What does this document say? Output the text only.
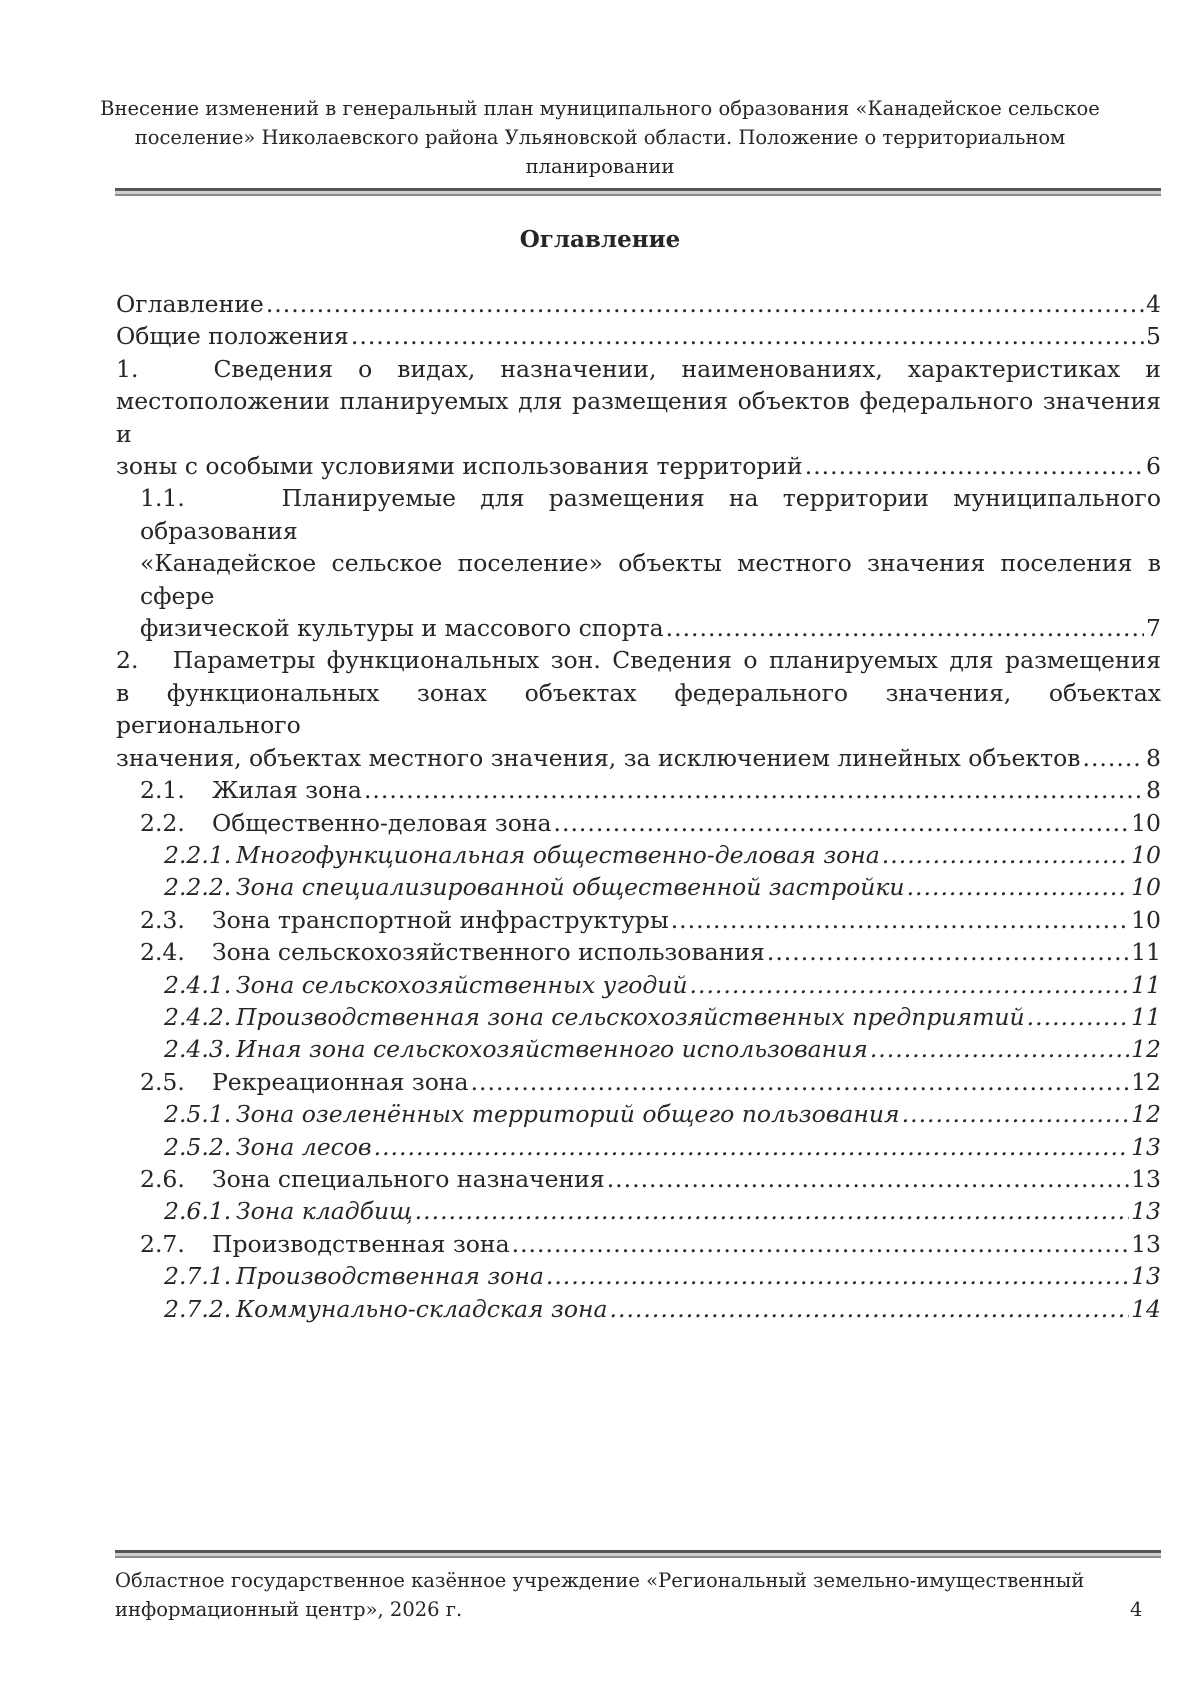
Внесение изменений в генеральный план муниципального образования «Канадейское сельское
поселение» Николаевского района Ульяновской области. Положение о территориальном
планировании
Оглавление
Оглавление .....	4
Общие положения .....	5
1.	Сведения о видах, назначении, наименованиях, характеристиках и
местоположении планируемых для размещения объектов федерального значения и
зоны с особыми условиями использования территорий .....	6
1.1.	Планируемые для размещения на территории муниципального образования
«Канадейское сельское поселение» объекты местного значения поселения в сфере
физической культуры и массового спорта .....	7
2. Параметры функциональных зон. Сведения о планируемых для размещения
в функциональных зонах объектах федерального значения, объектах регионального
значения, объектах местного значения, за исключением линейных объектов .....	8
2.1.	Жилая зона .....	8
2.2.	Общественно-деловая зона .....	10
2.2.1. Многофункциональная общественно-деловая зона .....	10
2.2.2. Зона специализированной общественной застройки .....	10
2.3.	Зона транспортной инфраструктуры .....	10
2.4.	Зона сельскохозяйственного использования .....	11
2.4.1. Зона сельскохозяйственных угодий .....	11
2.4.2. Производственная зона сельскохозяйственных предприятий .....	11
2.4.3. Иная зона сельскохозяйственного использования .....	12
2.5.	Рекреационная зона .....	12
2.5.1. Зона озеленённых территорий общего пользования .....	12
2.5.2. Зона лесов .....	13
2.6.	Зона специального назначения .....	13
2.6.1. Зона кладбищ .....	13
2.7.	Производственная зона .....	13
2.7.1. Производственная зона .....	13
2.7.2. Коммунально-складская зона .....	14
Областное государственное казённое учреждение «Региональный земельно-имущественный
информационный центр», 2026 г.	4
